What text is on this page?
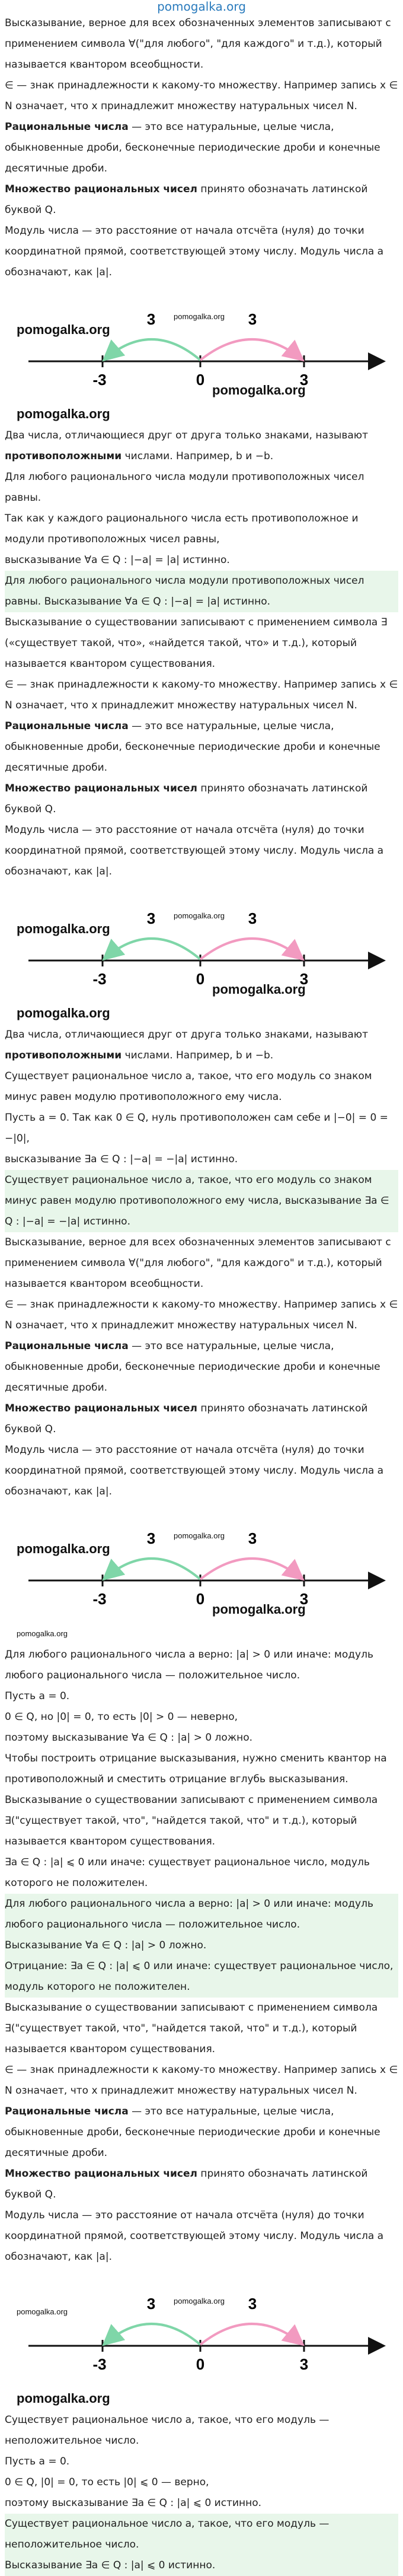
pomogalka.org

Высказывание, верное для всех обозначенных элементов записывают с применением символа ∀("для любого", "для каждого" и т.д.), который называется квантором всеобщности.

∈ — знак принадлежности к какому-то множеству. Например запись x ∈ N означает, что x принадлежит множеству натуральных чисел N.

Рациональные числа — это все натуральные, целые числа, обыкновенные дроби, бесконечные периодические дроби и конечные десятичные дроби.

Множество рациональных чисел принято обозначать латинской буквой Q.

Модуль числа — это расстояние от начала отсчёта (нуля) до точки координатной прямой, соответствующей этому числу. Модуль числа a обозначают, как |a|.

-3	0	3
3	3
pomogalka.org
pomogalka.org
pomogalka.org
pomogalka.org

Два числа, отличающиеся друг от друга только знаками, называют противоположными числами. Например, b и −b.

Для любого рационального числа модули противоположных чисел равны.

Так как у каждого рационального числа есть противоположное и модули противоположных чисел равны,

высказывание ∀a ∈ Q : |−a| = |a| истинно.

Для любого рационального числа модули противоположных чисел равны. Высказывание ∀a ∈ Q : |−a| = |a| истинно.

Высказывание о существовании записывают с применением символа ∃ («существует такой, что», «найдется такой, что» и т.д.), который называется квантором существования.

∈ — знак принадлежности к какому-то множеству. Например запись x ∈ N означает, что x принадлежит множеству натуральных чисел N.

Рациональные числа — это все натуральные, целые числа, обыкновенные дроби, бесконечные периодические дроби и конечные десятичные дроби.

Множество рациональных чисел принято обозначать латинской буквой Q.

Модуль числа — это расстояние от начала отсчёта (нуля) до точки координатной прямой, соответствующей этому числу. Модуль числа a обозначают, как |a|.

-3	0	3
3	3
pomogalka.org
pomogalka.org
pomogalka.org
pomogalka.org

Два числа, отличающиеся друг от друга только знаками, называют противоположными числами. Например, b и −b.

Существует рациональное число a, такое, что его модуль со знаком минус равен модулю противоположного ему числа.

Пусть a = 0. Так как 0 ∈ Q, нуль противоположен сам себе и |−0| = 0 = −|0|,

высказывание ∃a ∈ Q : |−a| = −|a| истинно.

Существует рациональное число a, такое, что его модуль со знаком минус равен модулю противоположного ему числа, высказывание ∃a ∈ Q : |−a| = −|a| истинно.

Высказывание, верное для всех обозначенных элементов записывают с применением символа ∀("для любого", "для каждого" и т.д.), который называется квантором всеобщности.

∈ — знак принадлежности к какому-то множеству. Например запись x ∈ N означает, что x принадлежит множеству натуральных чисел N.

Рациональные числа — это все натуральные, целые числа, обыкновенные дроби, бесконечные периодические дроби и конечные десятичные дроби.

Множество рациональных чисел принято обозначать латинской буквой Q.

Модуль числа — это расстояние от начала отсчёта (нуля) до точки координатной прямой, соответствующей этому числу. Модуль числа a обозначают, как |a|.

-3	0	3
3	3
pomogalka.org
pomogalka.org
pomogalka.org
pomogalka.org

Для любого рационального числа a верно: |a| > 0 или иначе: модуль любого рационального числа — положительное число.

Пусть a = 0.

0 ∈ Q, но |0| = 0, то есть |0| > 0 — неверно,

поэтому высказывание ∀a ∈ Q : |a| > 0 ложно.

Чтобы построить отрицание высказывания, нужно сменить квантор на противоположный и сместить отрицание вглубь высказывания.

Высказывание о существовании записывают с применением символа ∃("существует такой, что", "найдется такой, что" и т.д.), который называется квантором существования.

∃a ∈ Q : |a| ⩽ 0 или иначе: существует рациональное число, модуль которого не положителен.

Для любого рационального числа a верно: |a| > 0 или иначе: модуль любого рационального числа — положительное число.

Высказывание ∀a ∈ Q : |a| > 0 ложно.

Отрицание: ∃a ∈ Q : |a| ⩽ 0 или иначе: существует рациональное число, модуль которого не положителен.

Высказывание о существовании записывают с применением символа ∃("существует такой, что", "найдется такой, что" и т.д.), который называется квантором существования.

∈ — знак принадлежности к какому-то множеству. Например запись x ∈ N означает, что x принадлежит множеству натуральных чисел N.

Рациональные числа — это все натуральные, целые числа, обыкновенные дроби, бесконечные периодические дроби и конечные десятичные дроби.

Множество рациональных чисел принято обозначать латинской буквой Q.

Модуль числа — это расстояние от начала отсчёта (нуля) до точки координатной прямой, соответствующей этому числу. Модуль числа a обозначают, как |a|.

-3	0	3
3	3
pomogalka.org
pomogalka.org
pomogalka.org

Существует рациональное число a, такое, что его модуль — неположительное число.

Пусть a = 0.

0 ∈ Q, |0| = 0, то есть |0| ⩽ 0 — верно,

поэтому высказывание ∃a ∈ Q : |a| ⩽ 0 истинно.

Существует рациональное число a, такое, что его модуль — неположительное число.

Высказывание ∃a ∈ Q : |a| ⩽ 0 истинно.
